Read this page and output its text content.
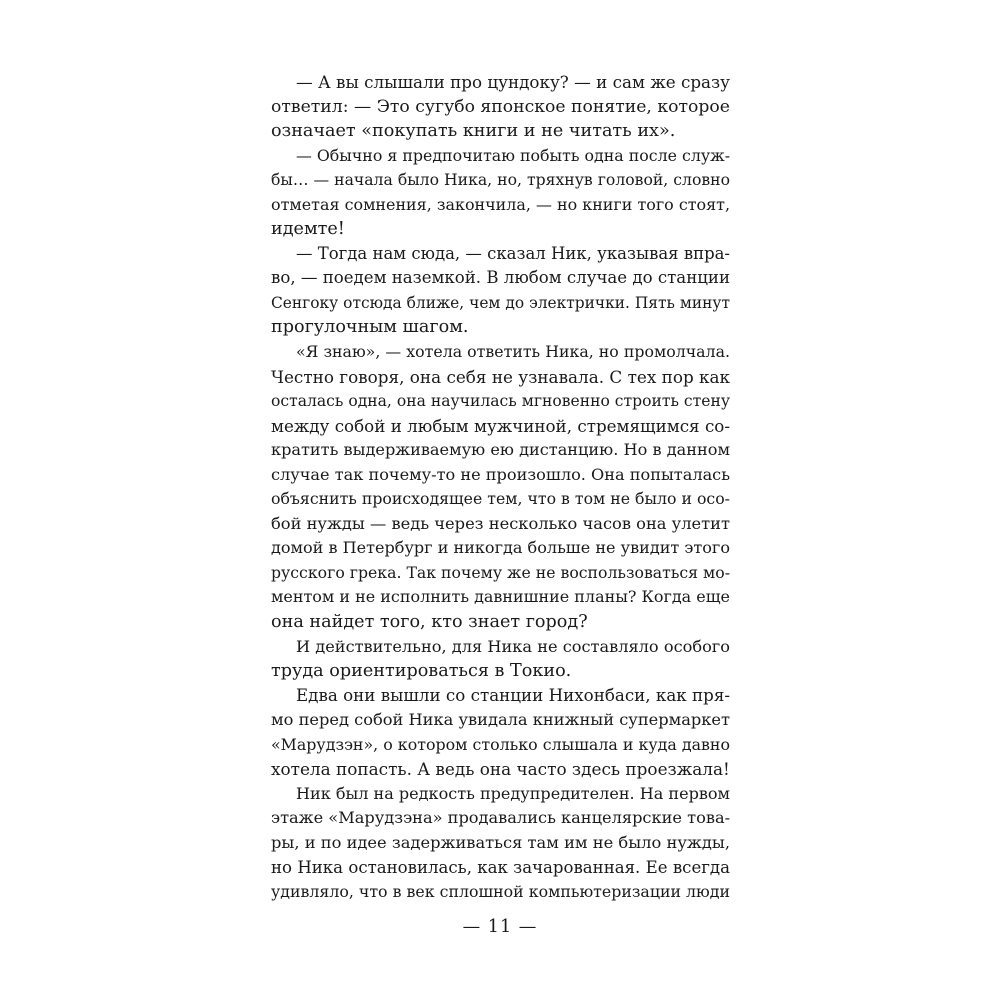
— А вы слышали про цундоку? — и сам же сразу
ответил: — Это сугубо японское понятие, которое
означает «покупать книги и не читать их».
— Обычно я предпочитаю побыть одна после служ-
бы… — начала было Ника, но, тряхнув головой, словно
отметая сомнения, закончила, — но книги того стоят,
идемте!
— Тогда нам сюда, — сказал Ник, указывая впра-
во, — поедем наземкой. В любом случае до станции
Сенгоку отсюда ближе, чем до электрички. Пять минут
прогулочным шагом.
«Я знаю», — хотела ответить Ника, но промолчала.
Честно говоря, она себя не узнавала. С тех пор как
осталась одна, она научилась мгновенно строить стену
между собой и любым мужчиной, стремящимся со-
кратить выдерживаемую ею дистанцию. Но в данном
случае так почему-то не произошло. Она попыталась
объяснить происходящее тем, что в том не было и осо-
бой нужды — ведь через несколько часов она улетит
домой в Петербург и никогда больше не увидит этого
русского грека. Так почему же не воспользоваться мо-
ментом и не исполнить давнишние планы? Когда еще
она найдет того, кто знает город?
И действительно, для Ника не составляло особого
труда ориентироваться в Токио.
Едва они вышли со станции Нихонбаси, как пря-
мо перед собой Ника увидала книжный супермаркет
«Марудзэн», о котором столько слышала и куда давно
хотела попасть. А ведь она часто здесь проезжала!
Ник был на редкость предупредителен. На первом
этаже «Марудзэна» продавались канцелярские това-
ры, и по идее задерживаться там им не было нужды,
но Ника остановилась, как зачарованная. Ее всегда
удивляло, что в век сплошной компьютеризации люди
— 11 —
